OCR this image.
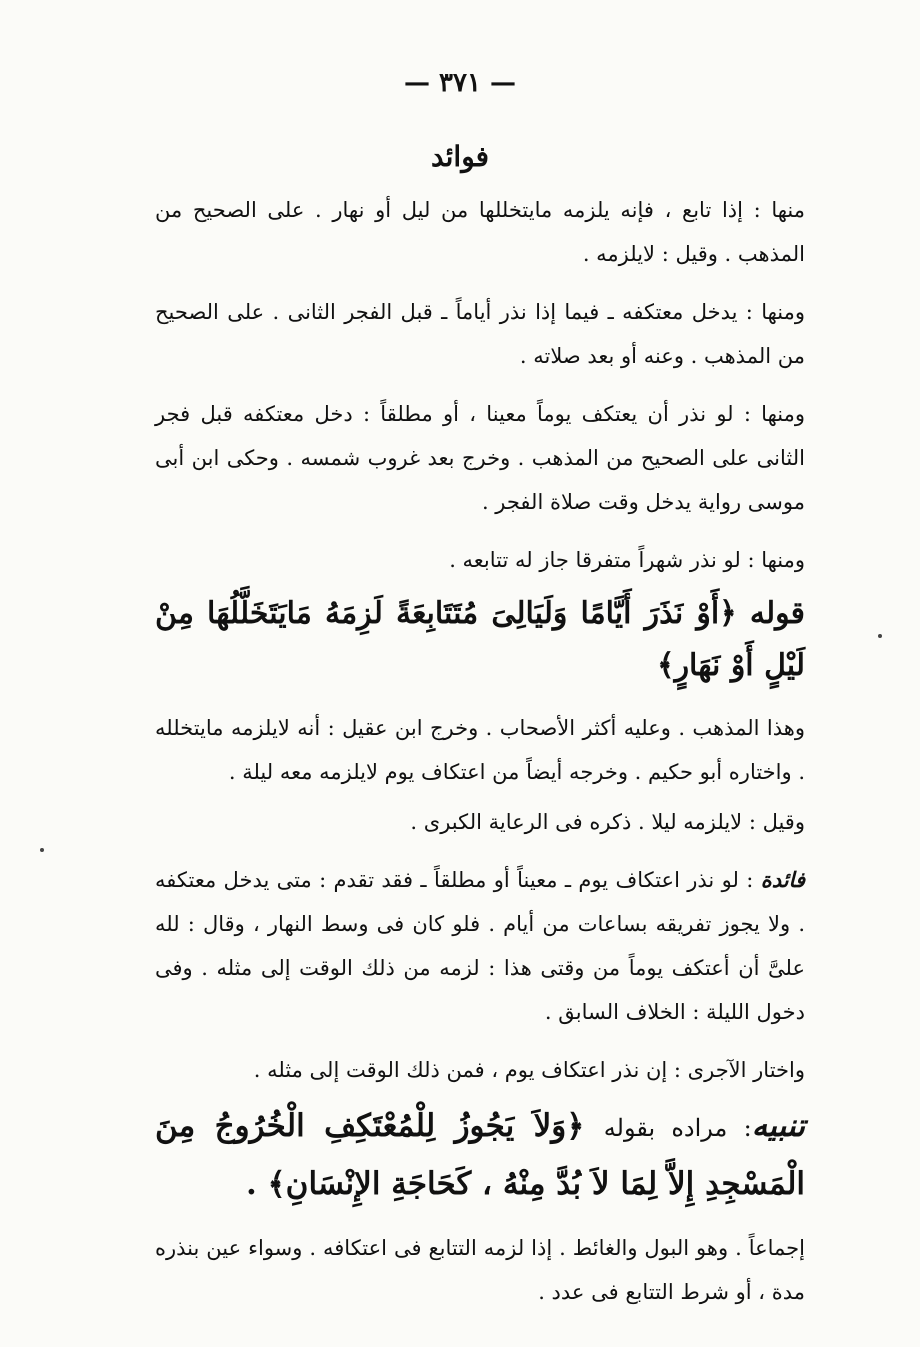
— ٣٧١ —
فوائد

منها : إذا تابع ، فإنه يلزمه مايتخللها من ليل أو نهار . على الصحيح من المذهب . وقيل : لايلزمه .

ومنها : يدخل معتكفه ـ فيما إذا نذر أياماً ـ قبل الفجر الثانى . على الصحيح من المذهب . وعنه أو بعد صلاته .

ومنها : لو نذر أن يعتكف يوماً معينا ، أو مطلقاً : دخل معتكفه قبل فجر الثانى على الصحيح من المذهب . وخرج بعد غروب شمسه . وحكى ابن أبى موسى رواية يدخل وقت صلاة الفجر .

ومنها : لو نذر شهراً متفرقا جاز له تتابعه .

قوله ﴿أَوْ نَذَرَ أَيَّامًا وَلَيَالِىَ مُتَتَابِعَةً لَزِمَهُ مَايَتَخَلَّلُهَا مِنْ لَيْلٍ أَوْ نَهَارٍ﴾

وهذا المذهب . وعليه أكثر الأصحاب . وخرج ابن عقيل : أنه لايلزمه مايتخلله . واختاره أبو حكيم . وخرجه أيضاً من اعتكاف يوم لايلزمه معه ليلة .

وقيل : لايلزمه ليلا . ذكره فى الرعاية الكبرى .

فائدة : لو نذر اعتكاف يوم ـ معيناً أو مطلقاً ـ فقد تقدم : متى يدخل معتكفه . ولا يجوز تفريقه بساعات من أيام . فلو كان فى وسط النهار ، وقال : لله علىَّ أن أعتكف يوماً من وقتى هذا : لزمه من ذلك الوقت إلى مثله . وفى دخول الليلة : الخلاف السابق .

واختار الآجرى : إن نذر اعتكاف يوم ، فمن ذلك الوقت إلى مثله .

تنبيه: مراده بقوله ﴿وَلاَ يَجُوزُ لِلْمُعْتَكِفِ الْخُرُوجُ مِنَ الْمَسْجِدِ إِلاَّ لِمَا لاَ بُدَّ مِنْهُ ، كَحَاجَةِ الإِنْسَانِ﴾ .

إجماعاً . وهو البول والغائط . إذا لزمه التتابع فى اعتكافه . وسواء عين بنذره مدة ، أو شرط التتابع فى عدد .
